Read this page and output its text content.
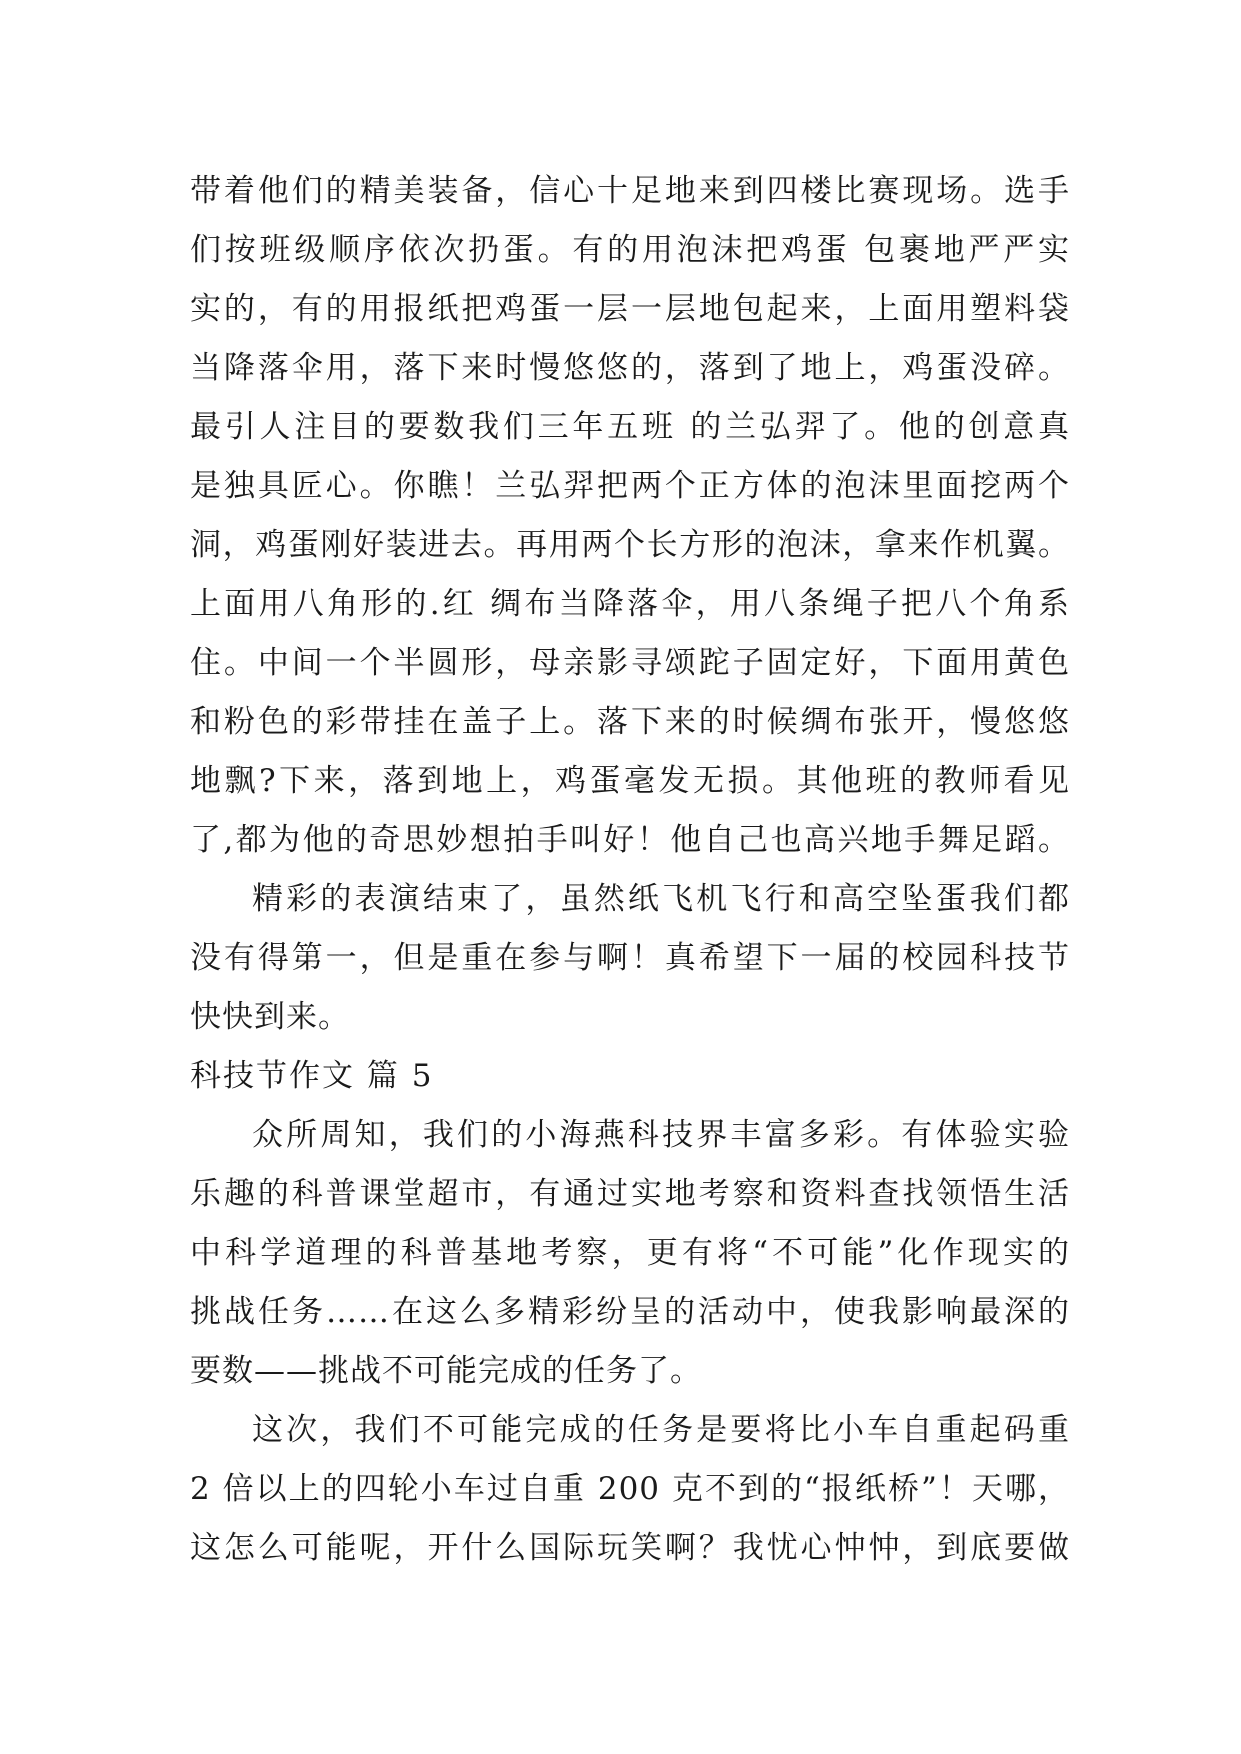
带着他们的精美装备，信心十足地来到四楼比赛现场。选手
们按班级顺序依次扔蛋。有的用泡沫把鸡蛋 包裹地严严实
实的，有的用报纸把鸡蛋一层一层地包起来，上面用塑料袋
当降落伞用，落下来时慢悠悠的，落到了地上，鸡蛋没碎。
最引人注目的要数我们三年五班 的兰弘羿了。他的创意真
是独具匠心。你瞧！兰弘羿把两个正方体的泡沫里面挖两个
洞，鸡蛋刚好装进去。再用两个长方形的泡沫，拿来作机翼。
上面用八角形的.红 绸布当降落伞，用八条绳子把八个角系
住。中间一个半圆形，母亲影寻颂跎子固定好，下面用黄色
和粉色的彩带挂在盖子上。落下来的时候绸布张开，慢悠悠
地飘?下来，落到地上，鸡蛋毫发无损。其他班的教师看见
了,都为他的奇思妙想拍手叫好！他自己也高兴地手舞足蹈。
精彩的表演结束了，虽然纸飞机飞行和高空坠蛋我们都
没有得第一，但是重在参与啊！真希望下一届的校园科技节
快快到来。
科技节作文 篇 5
众所周知，我们的小海燕科技界丰富多彩。有体验实验
乐趣的科普课堂超市，有通过实地考察和资料查找领悟生活
中科学道理的科普基地考察，更有将“不可能”化作现实的
挑战任务……在这么多精彩纷呈的活动中，使我影响最深的
要数——挑战不可能完成的任务了。
这次，我们不可能完成的任务是要将比小车自重起码重
2 倍以上的四轮小车过自重 200 克不到的“报纸桥”！天哪，
这怎么可能呢，开什么国际玩笑啊？我忧心忡忡，到底要做
